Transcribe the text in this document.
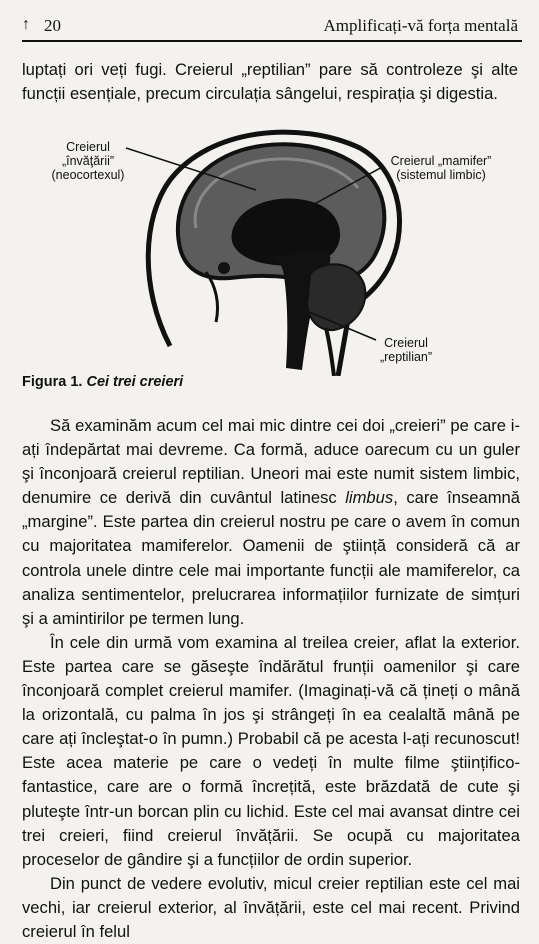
↑ 20	Amplificați-vă forța mentală
luptați ori veți fugi. Creierul „reptilian” pare să controleze şi alte funcții esențiale, precum circulația sângelui, respirația şi digestia.
Creierul
„învăţării”
(neocortexul)
Creierul „mamifer”
(sistemul limbic)
Creierul
„reptilian”
Figura 1. Cei trei creieri

Să examinăm acum cel mai mic dintre cei doi „creieri” pe care i-ați îndepărtat mai devreme. Ca formă, aduce oarecum cu un guler şi înconjoară creierul reptilian. Uneori mai este numit sistem limbic, denumire ce derivă din cuvântul latinesc limbus, care înseamnă „margine”. Este partea din creierul nostru pe care o avem în comun cu majoritatea mamiferelor. Oamenii de ştiință consideră că ar controla unele dintre cele mai importante funcții ale mamiferelor, ca analiza sentimentelor, prelucrarea informațiilor furnizate de simțuri şi a amintirilor pe termen lung.

În cele din urmă vom examina al treilea creier, aflat la exterior. Este partea care se găseşte îndărătul frunții oamenilor şi care înconjoară complet creierul mamifer. (Imaginați-vă că țineți o mână la orizontală, cu palma în jos şi strângeți în ea cealaltă mână pe care ați încleştat-o în pumn.) Probabil că pe acesta l-ați recunoscut! Este acea materie pe care o vedeți în multe filme ştiințifico-fantastice, care are o formă încrețită, este brăzdată de cute şi pluteşte într-un borcan plin cu lichid. Este cel mai avansat dintre cei trei creieri, fiind creierul învățării. Se ocupă cu majoritatea proceselor de gândire şi a funcțiilor de ordin superior.

Din punct de vedere evolutiv, micul creier reptilian este cel mai vechi, iar creierul exterior, al învățării, este cel mai recent. Privind creierul în felul
